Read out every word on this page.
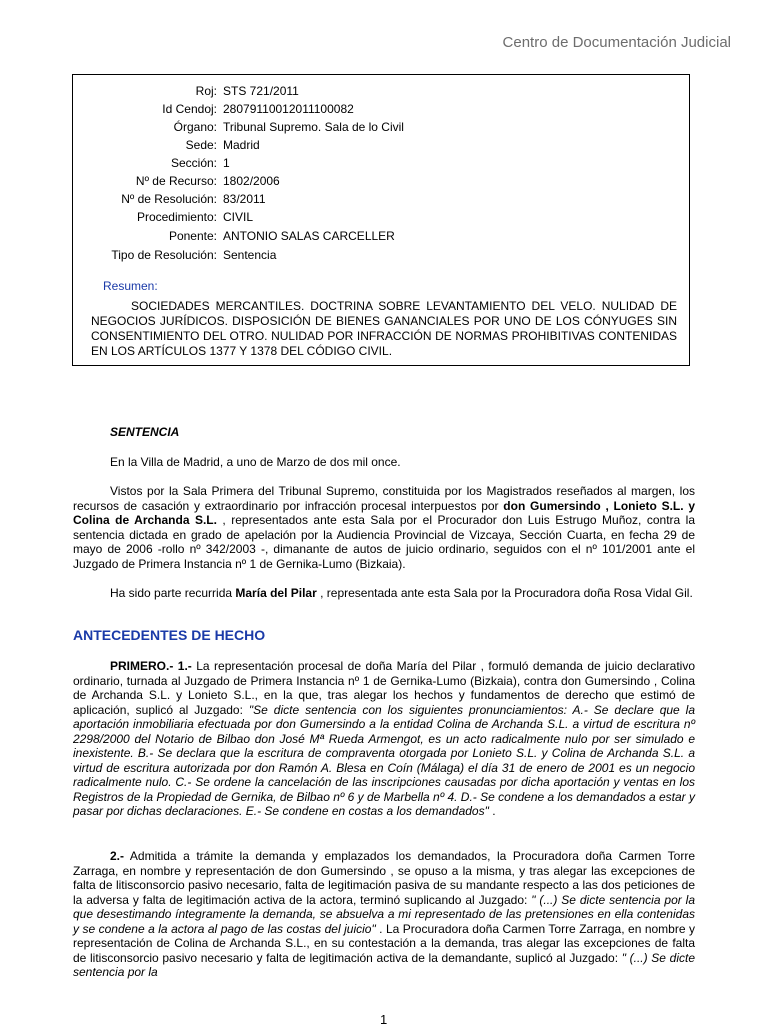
Centro de Documentación Judicial
Roj: STS 721/2011
Id Cendoj: 28079110012011100082
Órgano: Tribunal Supremo. Sala de lo Civil
Sede: Madrid
Sección: 1
Nº de Recurso: 1802/2006
Nº de Resolución: 83/2011
Procedimiento: CIVIL
Ponente: ANTONIO SALAS CARCELLER
Tipo de Resolución: Sentencia
Resumen:

SOCIEDADES MERCANTILES. DOCTRINA SOBRE LEVANTAMIENTO DEL VELO. NULIDAD DE NEGOCIOS JURÍDICOS. DISPOSICIÓN DE BIENES GANANCIALES POR UNO DE LOS CÓNYUGES SIN CONSENTIMIENTO DEL OTRO. NULIDAD POR INFRACCIÓN DE NORMAS PROHIBITIVAS CONTENIDAS EN LOS ARTÍCULOS 1377 Y 1378 DEL CÓDIGO CIVIL.

SENTENCIA

En la Villa de Madrid, a uno de Marzo de dos mil once.

Vistos por la Sala Primera del Tribunal Supremo, constituida por los Magistrados reseñados al margen, los recursos de casación y extraordinario por infracción procesal interpuestos por don Gumersindo , Lonieto S.L. y Colina de Archanda S.L. , representados ante esta Sala por el Procurador don Luis Estrugo Muñoz, contra la sentencia dictada en grado de apelación por la Audiencia Provincial de Vizcaya, Sección Cuarta, en fecha 29 de mayo de 2006 -rollo nº 342/2003 -, dimanante de autos de juicio ordinario, seguidos con el nº 101/2001 ante el Juzgado de Primera Instancia nº 1 de Gernika-Lumo (Bizkaia).

Ha sido parte recurrida María del Pilar , representada ante esta Sala por la Procuradora doña Rosa Vidal Gil.

ANTECEDENTES DE HECHO

PRIMERO.- 1.- La representación procesal de doña María del Pilar , formuló demanda de juicio declarativo ordinario, turnada al Juzgado de Primera Instancia nº 1 de Gernika-Lumo (Bizkaia), contra don Gumersindo , Colina de Archanda S.L. y Lonieto S.L., en la que, tras alegar los hechos y fundamentos de derecho que estimó de aplicación, suplicó al Juzgado: "Se dicte sentencia con los siguientes pronunciamientos: A.- Se declare que la aportación inmobiliaria efectuada por don Gumersindo a la entidad Colina de Archanda S.L. a virtud de escritura nº 2298/2000 del Notario de Bilbao don José Mª Rueda Armengot, es un acto radicalmente nulo por ser simulado e inexistente. B.- Se declara que la escritura de compraventa otorgada por Lonieto S.L. y Colina de Archanda S.L. a virtud de escritura autorizada por don Ramón A. Blesa en Coín (Málaga) el día 31 de enero de 2001 es un negocio radicalmente nulo. C.- Se ordene la cancelación de las inscripciones causadas por dicha aportación y ventas en los Registros de la Propiedad de Gernika, de Bilbao nº 6 y de Marbella nº 4. D.- Se condene a los demandados a estar y pasar por dichas declaraciones. E.- Se condene en costas a los demandados" .

2.- Admitida a trámite la demanda y emplazados los demandados, la Procuradora doña Carmen Torre Zarraga, en nombre y representación de don Gumersindo , se opuso a la misma, y tras alegar las excepciones de falta de litisconsorcio pasivo necesario, falta de legitimación pasiva de su mandante respecto a las dos peticiones de la adversa y falta de legitimación activa de la actora, terminó suplicando al Juzgado: " (...) Se dicte sentencia por la que desestimando íntegramente la demanda, se absuelva a mi representado de las pretensiones en ella contenidas y se condene a la actora al pago de las costas del juicio" . La Procuradora doña Carmen Torre Zarraga, en nombre y representación de Colina de Archanda S.L., en su contestación a la demanda, tras alegar las excepciones de falta de litisconsorcio pasivo necesario y falta de legitimación activa de la demandante, suplicó al Juzgado: " (...) Se dicte sentencia por la

1
